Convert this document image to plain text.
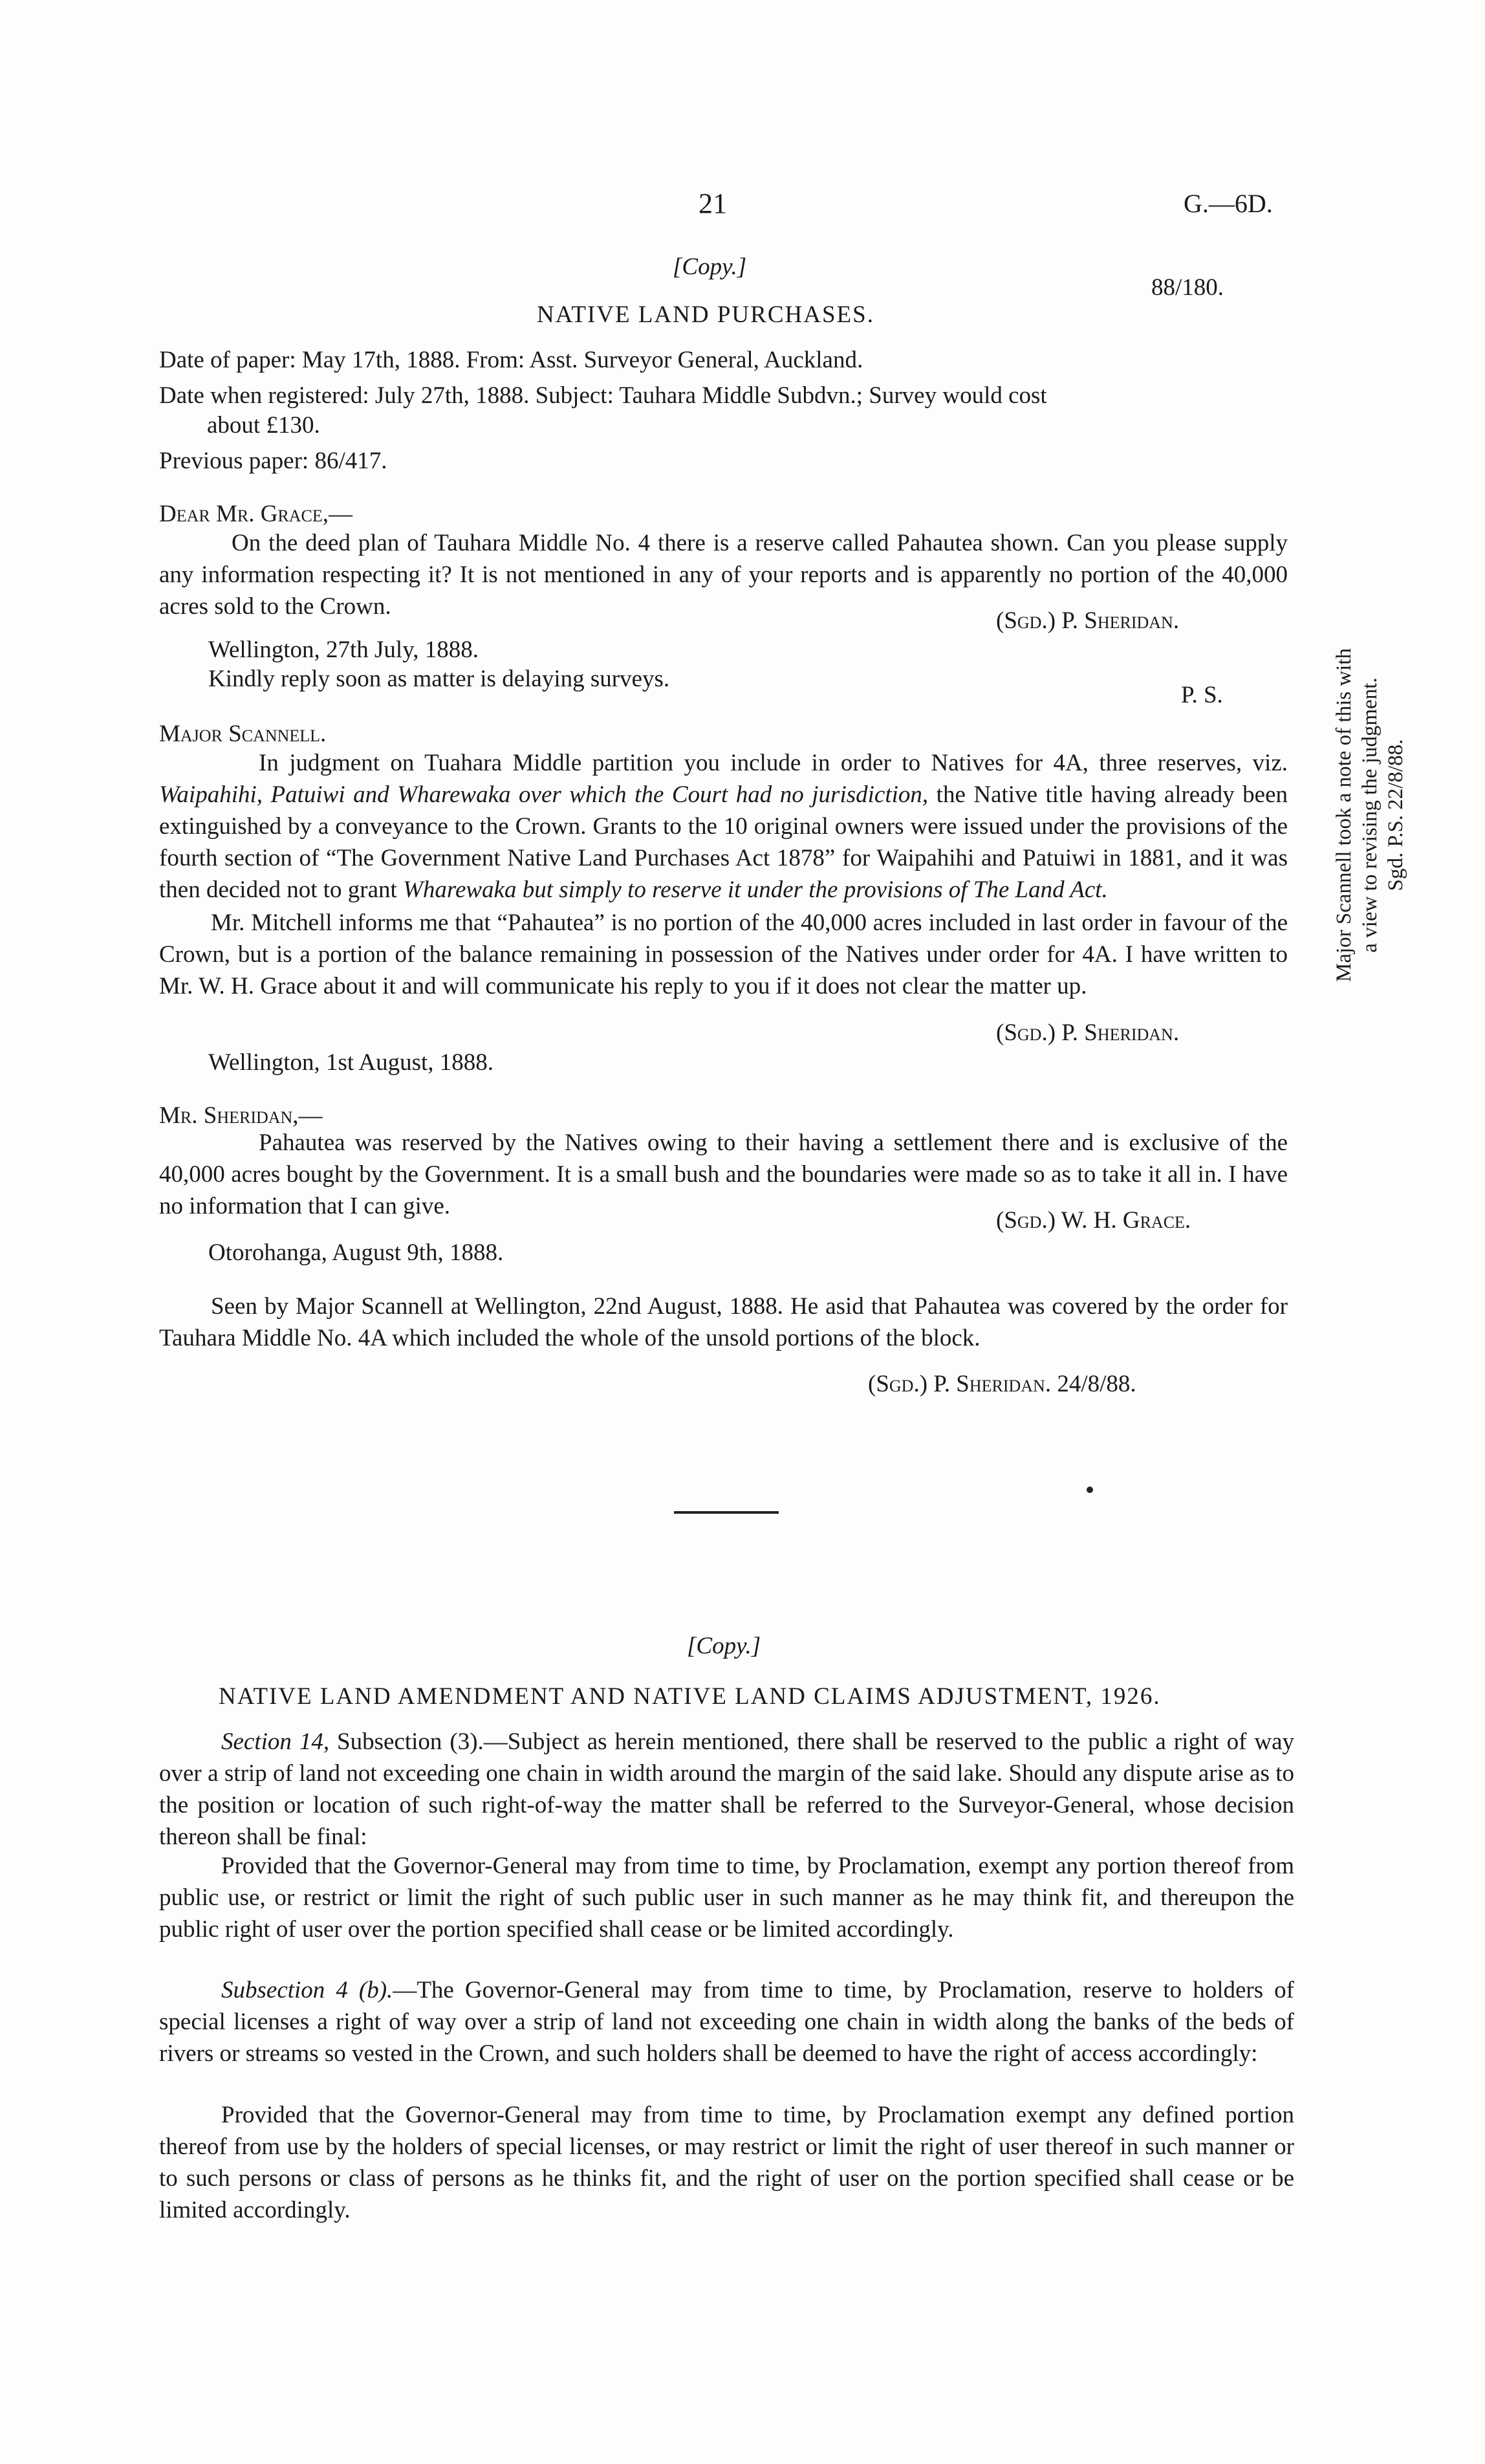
21	G.—6D.
[Copy.]
88/180.
NATIVE LAND PURCHASES.
Date of paper: May 17th, 1888. From: Asst. Surveyor General, Auckland.
Date when registered: July 27th, 1888. Subject: Tauhara Middle Subdvn.; Survey would cost
about £130.
Previous paper: 86/417.
Dear Mr. Grace,—
On the deed plan of Tauhara Middle No. 4 there is a reserve called Pahautea shown. Can you please supply any information respecting it? It is not mentioned in any of your reports and is apparently no portion of the 40,000 acres sold to the Crown.
(Sgd.) P. Sheridan.
Wellington, 27th July, 1888.
Kindly reply soon as matter is delaying surveys.
P. S.
Major Scannell.
In judgment on Tuahara Middle partition you include in order to Natives for 4A, three reserves, viz. Waipahihi, Patuiwi and Wharewaka over which the Court had no jurisdiction, the Native title having already been extinguished by a conveyance to the Crown. Grants to the 10 original owners were issued under the provisions of the fourth section of “The Government Native Land Purchases Act 1878” for Waipahihi and Patuiwi in 1881, and it was then decided not to grant Wharewaka but simply to reserve it under the provisions of The Land Act.
Mr. Mitchell informs me that “Pahautea” is no portion of the 40,000 acres included in last order in favour of the Crown, but is a portion of the balance remaining in possession of the Natives under order for 4A. I have written to Mr. W. H. Grace about it and will communicate his reply to you if it does not clear the matter up.
(Sgd.) P. Sheridan.
Wellington, 1st August, 1888.
Mr. Sheridan,—
Pahautea was reserved by the Natives owing to their having a settlement there and is exclusive of the 40,000 acres bought by the Government. It is a small bush and the boundaries were made so as to take it all in. I have no information that I can give.
(Sgd.) W. H. Grace.
Otorohanga, August 9th, 1888.
Seen by Major Scannell at Wellington, 22nd August, 1888. He asid that Pahautea was covered by the order for Tauhara Middle No. 4A which included the whole of the unsold portions of the block.
(Sgd.) P. Sheridan. 24/8/88.
Major Scannell took a note of this with a view to revising the judgment. Sgd. P.S. 22/8/88.
[Copy.]
NATIVE LAND AMENDMENT AND NATIVE LAND CLAIMS ADJUSTMENT, 1926.
Section 14, Subsection (3).—Subject as herein mentioned, there shall be reserved to the public a right of way over a strip of land not exceeding one chain in width around the margin of the said lake. Should any dispute arise as to the position or location of such right-of-way the matter shall be referred to the Surveyor-General, whose decision thereon shall be final:
Provided that the Governor-General may from time to time, by Proclamation, exempt any portion thereof from public use, or restrict or limit the right of such public user in such manner as he may think fit, and thereupon the public right of user over the portion specified shall cease or be limited accordingly.
Subsection 4 (b).—The Governor-General may from time to time, by Proclamation, reserve to holders of special licenses a right of way over a strip of land not exceeding one chain in width along the banks of the beds of rivers or streams so vested in the Crown, and such holders shall be deemed to have the right of access accordingly:
Provided that the Governor-General may from time to time, by Proclamation exempt any defined portion thereof from use by the holders of special licenses, or may restrict or limit the right of user thereof in such manner or to such persons or class of persons as he thinks fit, and the right of user on the portion specified shall cease or be limited accordingly.
